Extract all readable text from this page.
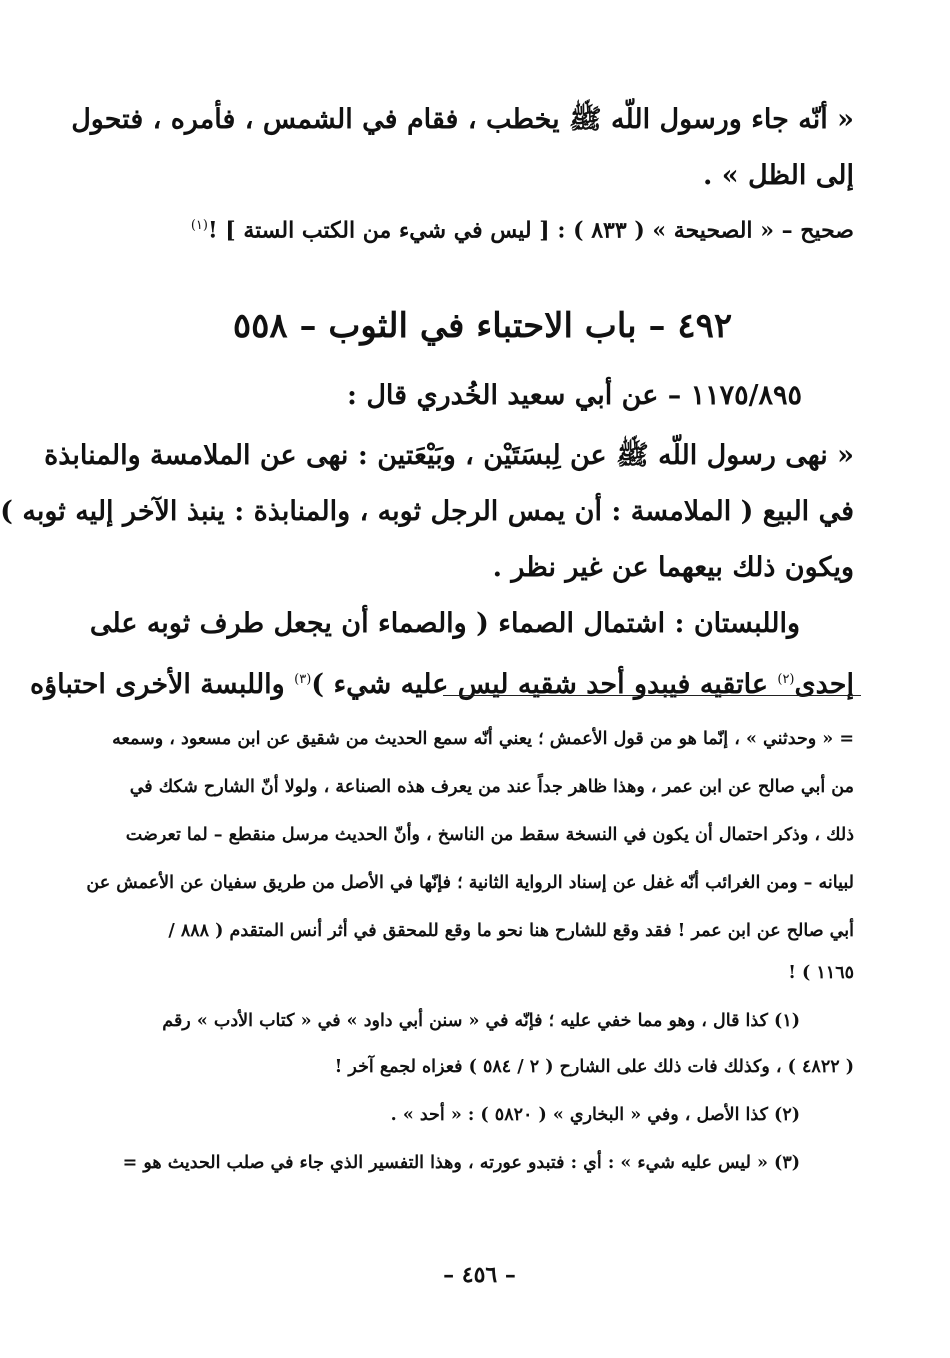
« أنّه جاء ورسول اللّه ﷺ يخطب ، فقام في الشمس ، فأمره ، فتحول
إلى الظل » .
صحيح – « الصحيحة » ( ٨٣٣ ) : [ ليس في شيء من الكتب الستة ] !$^{(١)}$
٤٩٢ – باب الاحتباء في الثوب – ٥٥٨
١١٧٥/٨٩٥ – عن أبي سعيد الخُدري قال :
« نهى رسول اللّه ﷺ عن لِبسَتَيْن ، وبَيْعَتين : نهى عن الملامسة والمنابذة
في البيع ( الملامسة : أن يمس الرجل ثوبه ، والمنابذة : ينبذ الآخر إليه ثوبه )
ويكون ذلك بيعهما عن غير نظر .
واللبستان : اشتمال الصماء ( والصماء أن يجعل طرف ثوبه على
إحدى$^{(٢)}$ عاتقيه فيبدو أحد شقيه ليس عليه شيء )$^{(٣)}$ واللبسة الأخرى احتباؤه
= « وحدثني » ، إنّما هو من قول الأعمش ؛ يعني أنّه سمع الحديث من شقيق عن ابن مسعود ، وسمعه
من أبي صالح عن ابن عمر ، وهذا ظاهر جداً عند من يعرف هذه الصناعة ، ولولا أنّ الشارح شكك في
ذلك ، وذكر احتمال أن يكون في النسخة سقط من الناسخ ، وأنّ الحديث مرسل منقطع – لما تعرضت
لبيانه – ومن الغرائب أنّه غفل عن إسناد الرواية الثانية ؛ فإنّها في الأصل من طريق سفيان عن الأعمش عن
أبي صالح عن ابن عمر ! فقد وقع للشارح هنا نحو ما وقع للمحقق في أثر أنس المتقدم ( ٨٨٨ /
١١٦٥ ) !
(١) كذا قال ، وهو مما خفي عليه ؛ فإنّه في « سنن أبي داود » في « كتاب الأدب » رقم
( ٤٨٢٢ ) ، وكذلك فات ذلك على الشارح ( ٢ / ٥٨٤ ) فعزاه لجمع آخر !
(٢) كذا الأصل ، وفي « البخاري » ( ٥٨٢٠ ) : « أحد » .
(٣) « ليس عليه شيء » : أي : فتبدو عورته ، وهذا التفسير الذي جاء في صلب الحديث هو =
– ٤٥٦ –
